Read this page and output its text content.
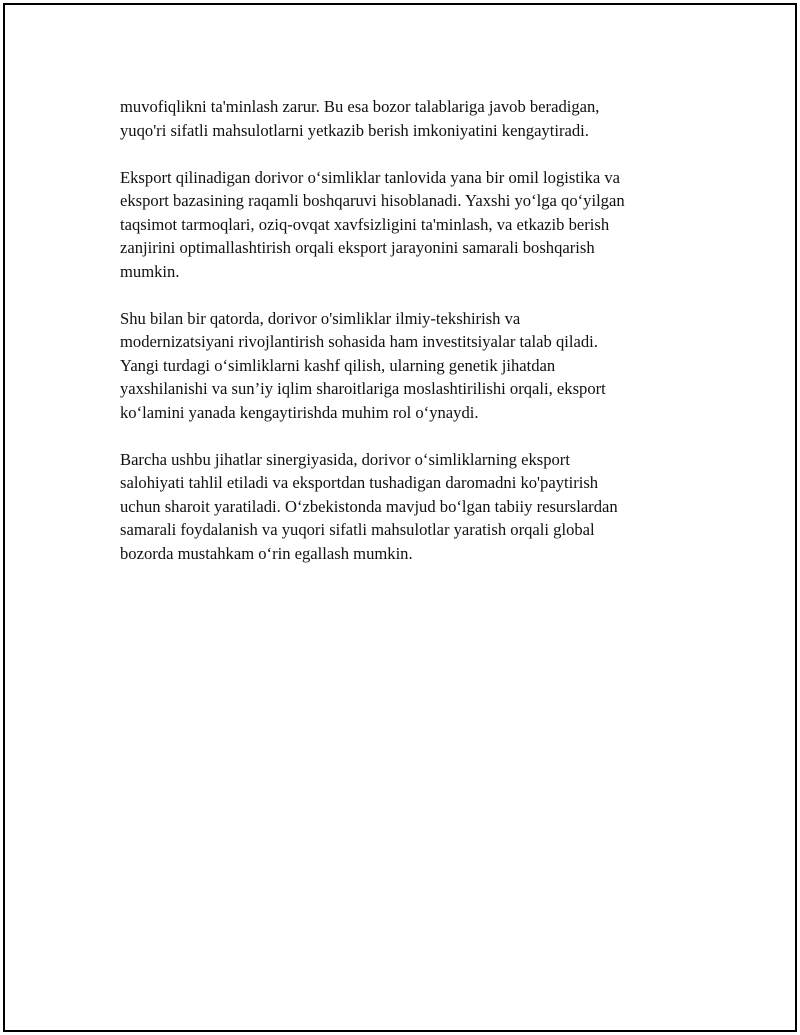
muvofiqlikni ta'minlash zarur. Bu esa bozor talablariga javob beradigan,
yuqo'ri sifatli mahsulotlarni yetkazib berish imkoniyatini kengaytiradi.

Eksport qilinadigan dorivor oʻsimliklar tanlovida yana bir omil logistika va
eksport bazasining raqamli boshqaruvi hisoblanadi. Yaxshi yoʻlga qoʻyilgan
taqsimot tarmoqlari, oziq-ovqat xavfsizligini ta'minlash, va etkazib berish
zanjirini optimallashtirish orqali eksport jarayonini samarali boshqarish
mumkin.

Shu bilan bir qatorda, dorivor o'simliklar ilmiy-tekshirish va
modernizatsiyani rivojlantirish sohasida ham investitsiyalar talab qiladi.
Yangi turdagi oʻsimliklarni kashf qilish, ularning genetik jihatdan
yaxshilanishi va sun’iy iqlim sharoitlariga moslashtirilishi orqali, eksport
koʻlamini yanada kengaytirishda muhim rol oʻynaydi.

Barcha ushbu jihatlar sinergiyasida, dorivor oʻsimliklarning eksport
salohiyati tahlil etiladi va eksportdan tushadigan daromadni ko'paytirish
uchun sharoit yaratiladi. Oʻzbekistonda mavjud boʻlgan tabiiy resurslardan
samarali foydalanish va yuqori sifatli mahsulotlar yaratish orqali global
bozorda mustahkam oʻrin egallash mumkin.
